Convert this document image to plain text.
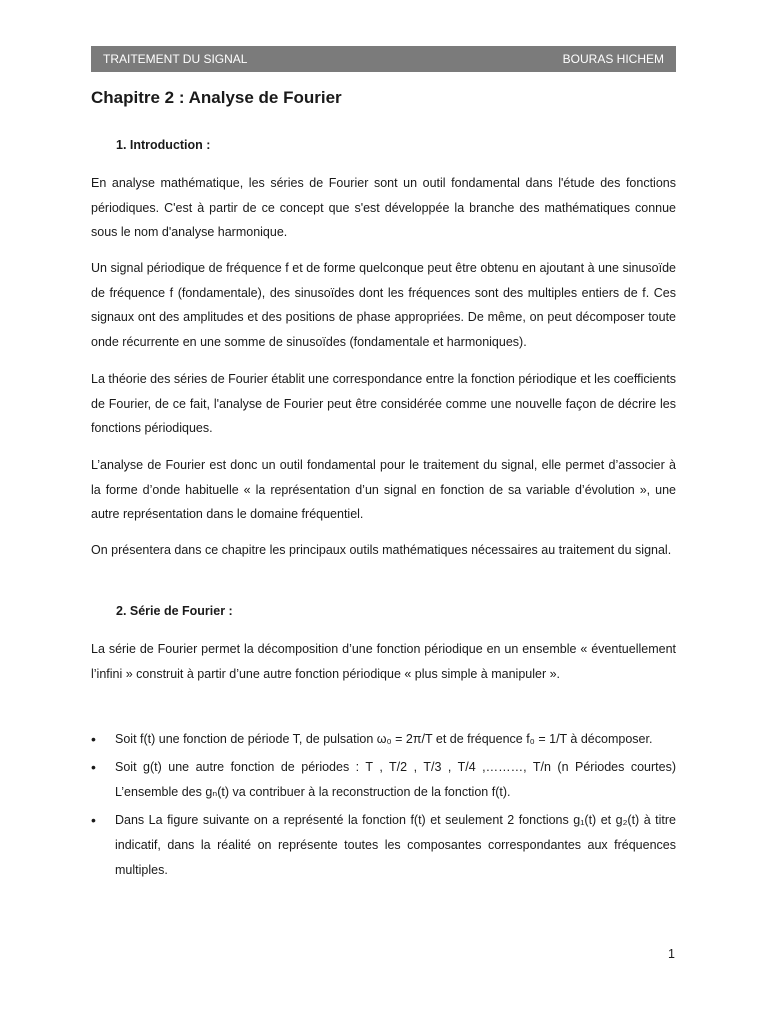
TRAITEMENT DU SIGNAL	BOURAS HICHEM
Chapitre 2 : Analyse de Fourier
1. Introduction :

En analyse mathématique, les séries de Fourier sont un outil fondamental dans l'étude des fonctions périodiques. C'est à partir de ce concept que s'est développée la branche des mathématiques connue sous le nom d'analyse harmonique.

Un signal périodique de fréquence f et de forme quelconque peut être obtenu en ajoutant à une sinusoïde de fréquence f (fondamentale), des sinusoïdes dont les fréquences sont des multiples entiers de f. Ces signaux ont des amplitudes et des positions de phase appropriées. De même, on peut décomposer toute onde récurrente en une somme de sinusoïdes (fondamentale et harmoniques).

La théorie des séries de Fourier établit une correspondance entre la fonction périodique et les coefficients de Fourier, de ce fait, l'analyse de Fourier peut être considérée comme une nouvelle façon de décrire les fonctions périodiques.

L’analyse de Fourier est donc un outil fondamental pour le traitement du signal, elle permet d’associer à la forme d’onde habituelle « la représentation d’un signal en fonction de sa variable d’évolution », une autre représentation dans le domaine fréquentiel.

On présentera dans ce chapitre les principaux outils mathématiques nécessaires au traitement du signal.

2. Série de Fourier :

La série de Fourier permet la décomposition d’une fonction périodique en un ensemble « éventuellement l’infini » construit à partir d’une autre fonction périodique « plus simple à manipuler ».

• Soit f(t) une fonction de période T, de pulsation ω₀ = 2π/T et de fréquence f₀ = 1/T à décomposer.
• Soit g(t) une autre fonction de périodes : T , T/2 , T/3 , T/4 ,………, T/n (n Périodes courtes) L’ensemble des gₙ(t) va contribuer à la reconstruction de la fonction f(t).
• Dans La figure suivante on a représenté la fonction f(t) et seulement 2 fonctions g₁(t) et g₂(t) à titre indicatif, dans la réalité on représente toutes les composantes correspondantes aux fréquences multiples.
1
